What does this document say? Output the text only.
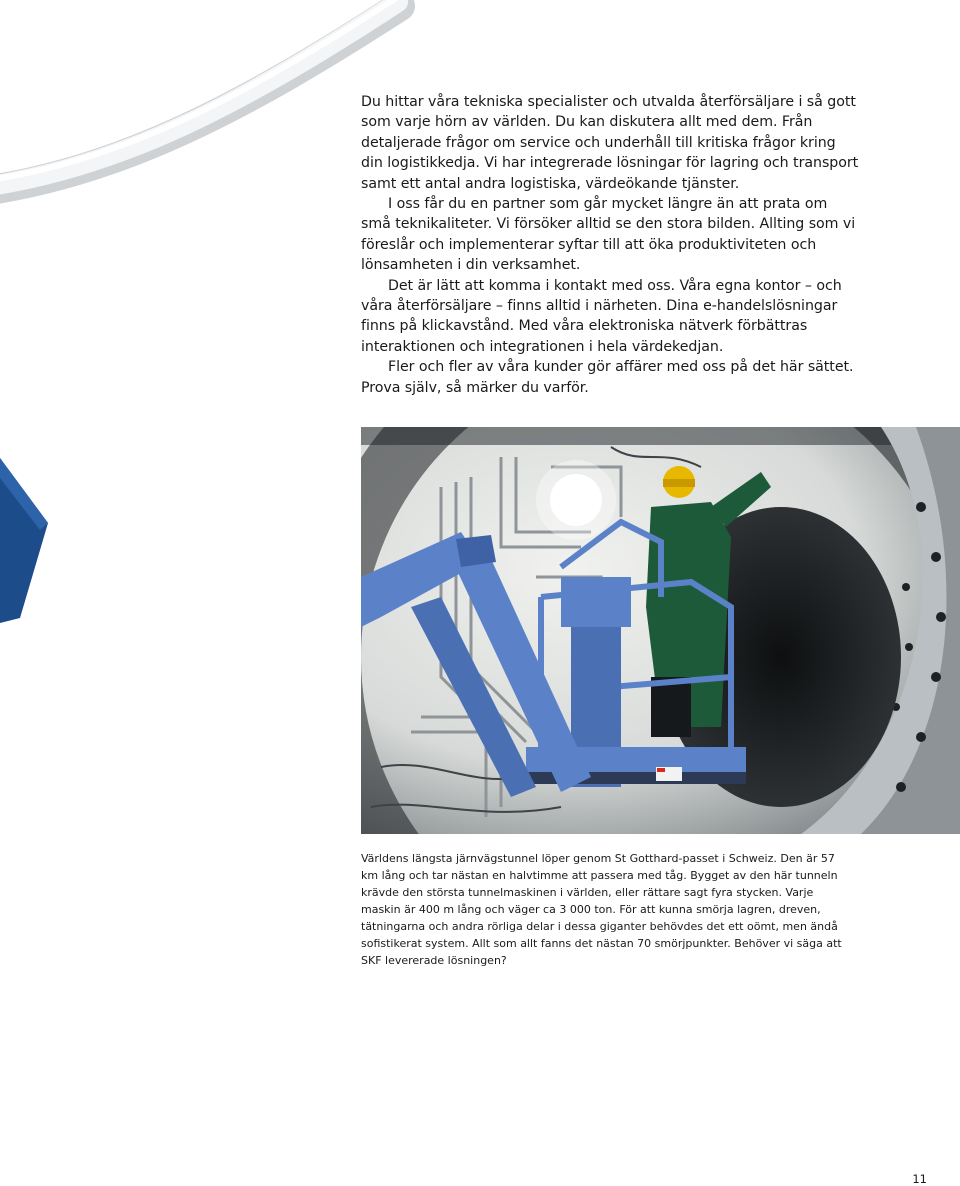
Du hittar våra tekniska specialister och utvalda återförsäljare i så gott som varje hörn av världen. Du kan diskutera allt med dem. Från detaljerade frågor om service och underhåll till kritiska frågor kring din logistikkedja. Vi har integrerade lösningar för lagring och transport samt ett antal andra logistiska, värdeökande tjänster.

I oss får du en partner som går mycket längre än att prata om små teknikaliteter. Vi försöker alltid se den stora bilden. Allting som vi föreslår och implementerar syftar till att öka produktiviteten och lönsamheten i din verksamhet.

Det är lätt att komma i kontakt med oss. Våra egna kontor – och våra återförsäljare – finns alltid i närheten. Dina e-handelslösningar finns på klickavstånd. Med våra elektroniska nätverk förbättras interaktionen och integrationen i hela värdekedjan.

Fler och fler av våra kunder gör affärer med oss på det här sättet. Prova själv, så märker du varför.

Världens längsta järnvägstunnel löper genom St Gotthard-passet i Schweiz. Den är 57 km lång och tar nästan en halvtimme att passera med tåg. Bygget av den här tunneln krävde den största tunnelmaskinen i världen, eller rättare sagt fyra stycken. Varje maskin är 400 m lång och väger ca 3 000 ton. För att kunna smörja lagren, dreven, tätningarna och andra rörliga delar i dessa giganter behövdes det ett oömt, men ändå sofistikerat system. Allt som allt fanns det nästan 70 smörjpunkter. Behöver vi säga att SKF levererade lösningen?

11
